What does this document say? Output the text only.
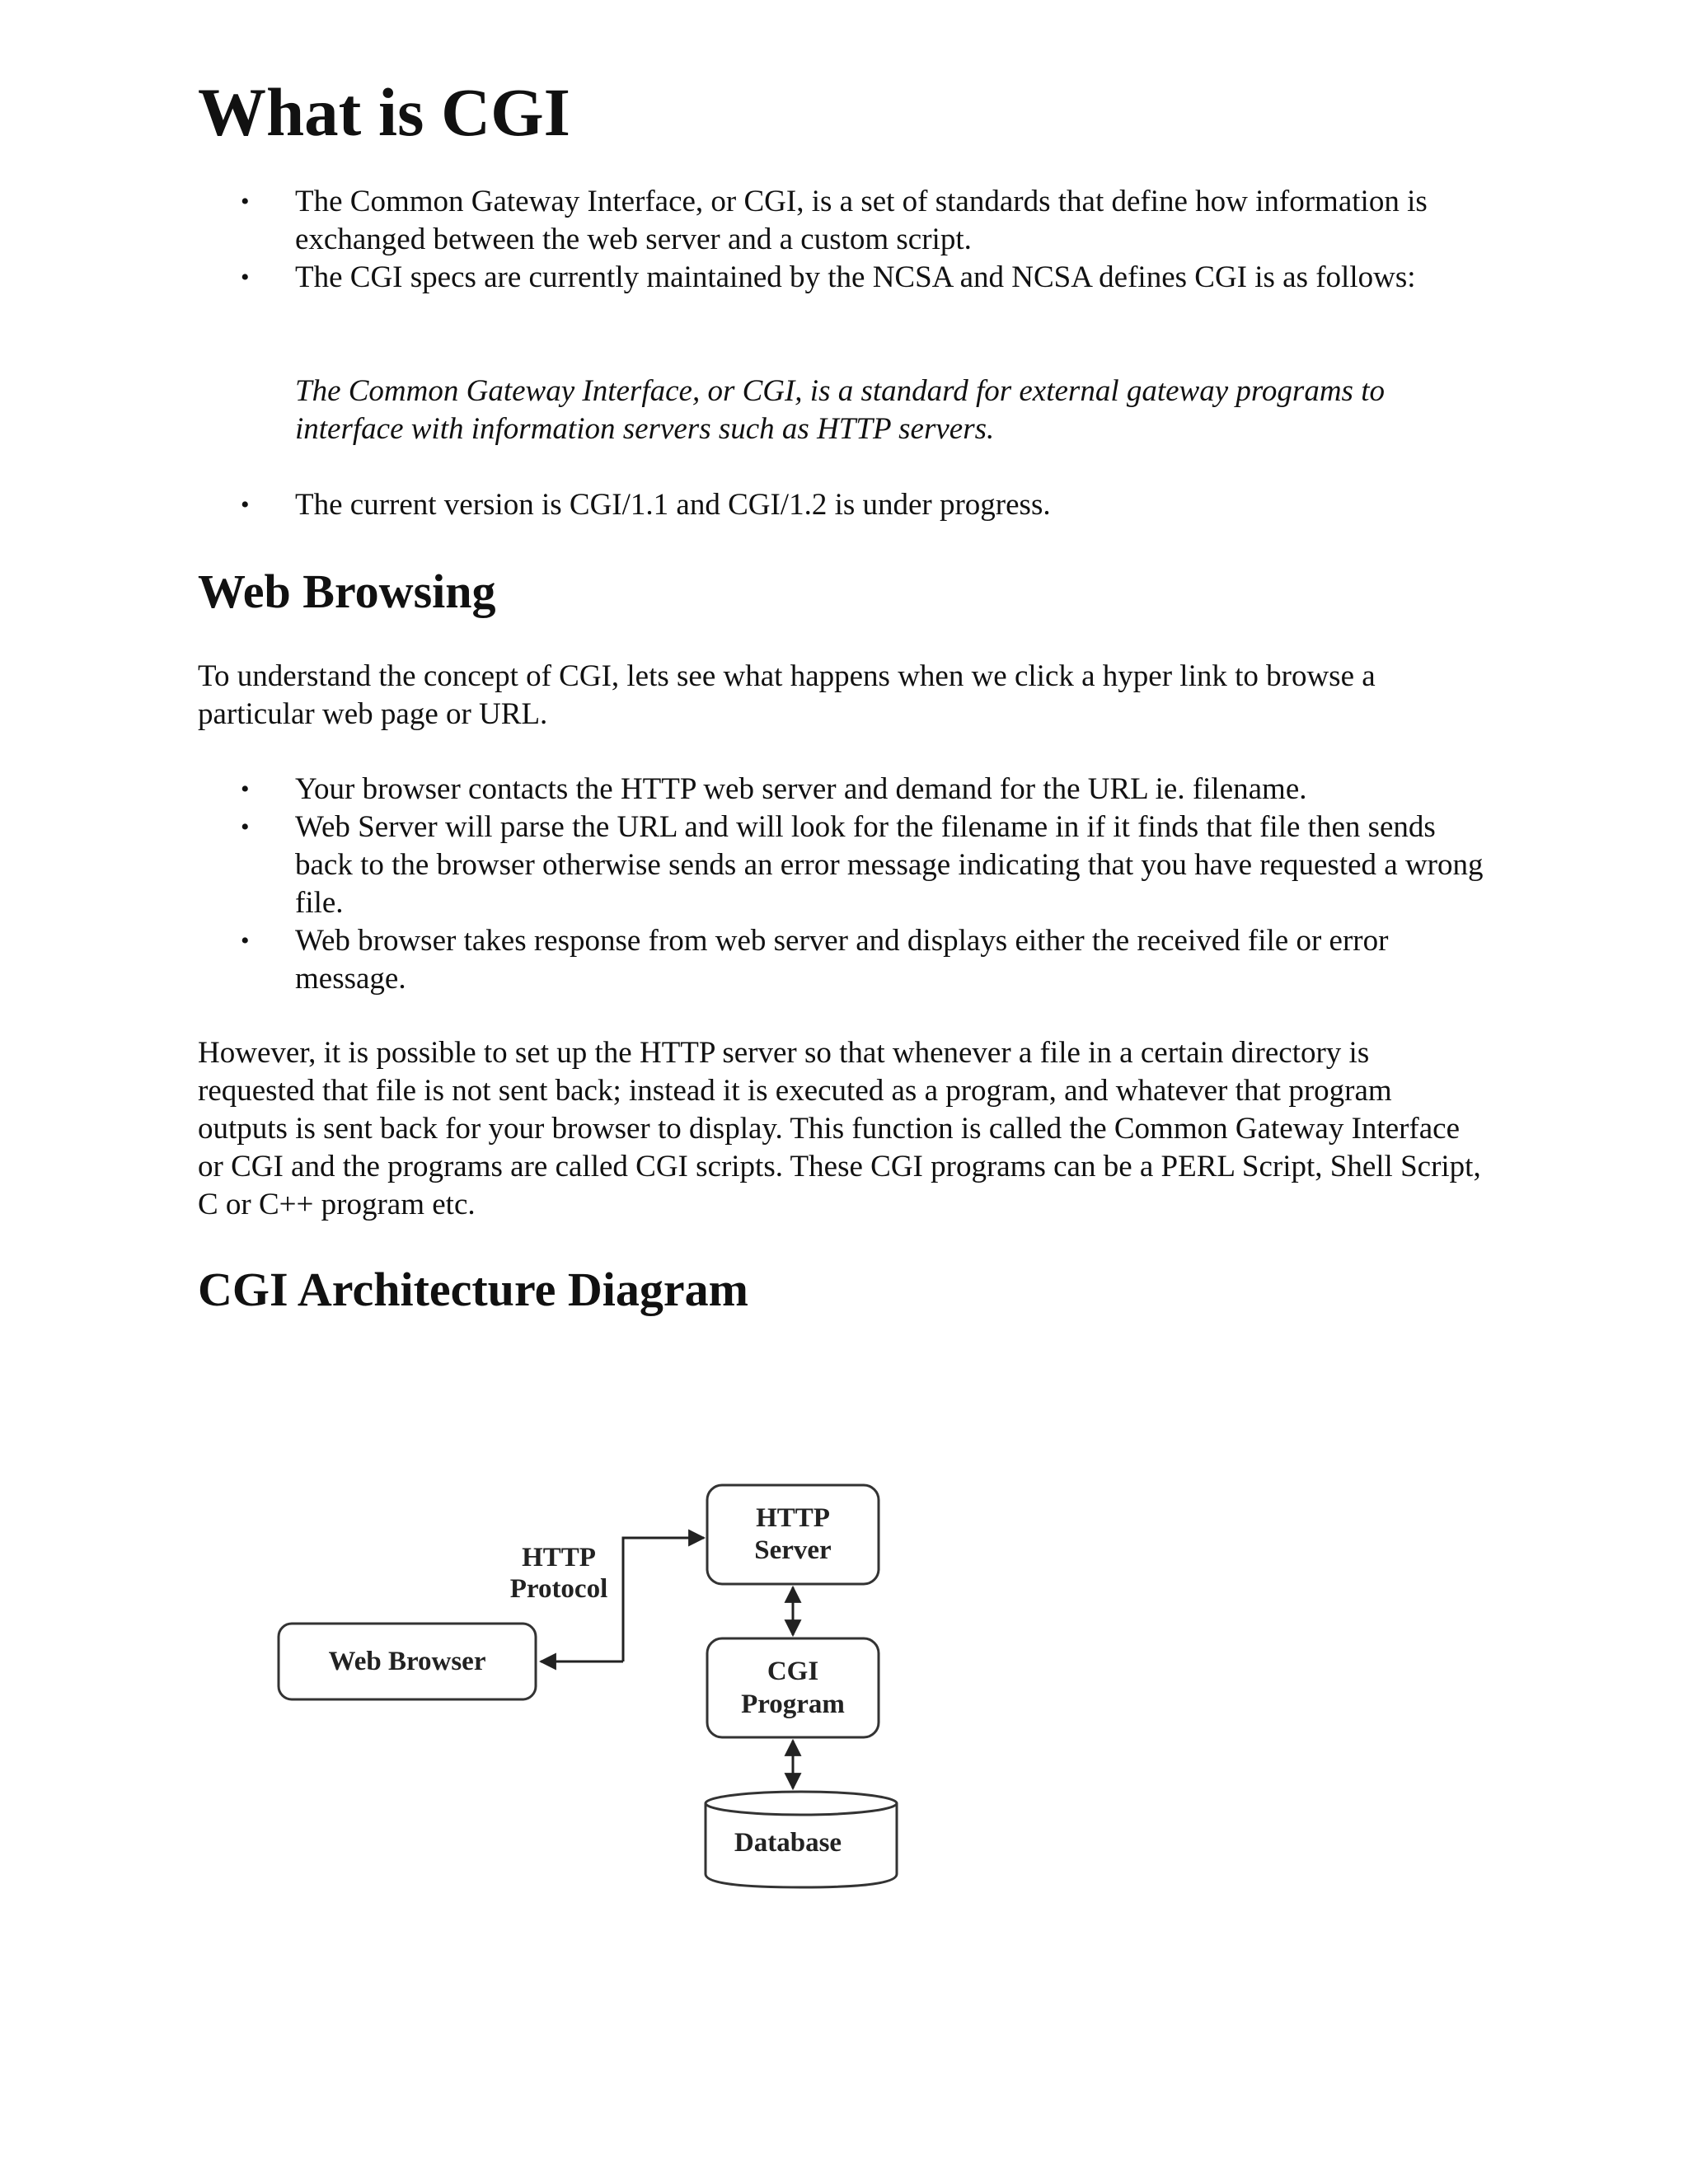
What is CGI
• The Common Gateway Interface, or CGI, is a set of standards that define how information is exchanged between the web server and a custom script.
• The CGI specs are currently maintained by the NCSA and NCSA defines CGI is as follows:

The Common Gateway Interface, or CGI, is a standard for external gateway programs to interface with information servers such as HTTP servers.

• The current version is CGI/1.1 and CGI/1.2 is under progress.
Web Browsing

To understand the concept of CGI, lets see what happens when we click a hyper link to browse a particular web page or URL.

• Your browser contacts the HTTP web server and demand for the URL ie. filename.
• Web Server will parse the URL and will look for the filename in if it finds that file then sends back to the browser otherwise sends an error message indicating that you have requested a wrong file.
• Web browser takes response from web server and displays either the received file or error message.

However, it is possible to set up the HTTP server so that whenever a file in a certain directory is requested that file is not sent back; instead it is executed as a program, and whatever that program outputs is sent back for your browser to display. This function is called the Common Gateway Interface or CGI and the programs are called CGI scripts. These CGI programs can be a PERL Script, Shell Script, C or C++ program etc.

CGI Architecture Diagram
HTTP
Server
HTTP
Protocol
Web Browser	CGI
Program
Database
